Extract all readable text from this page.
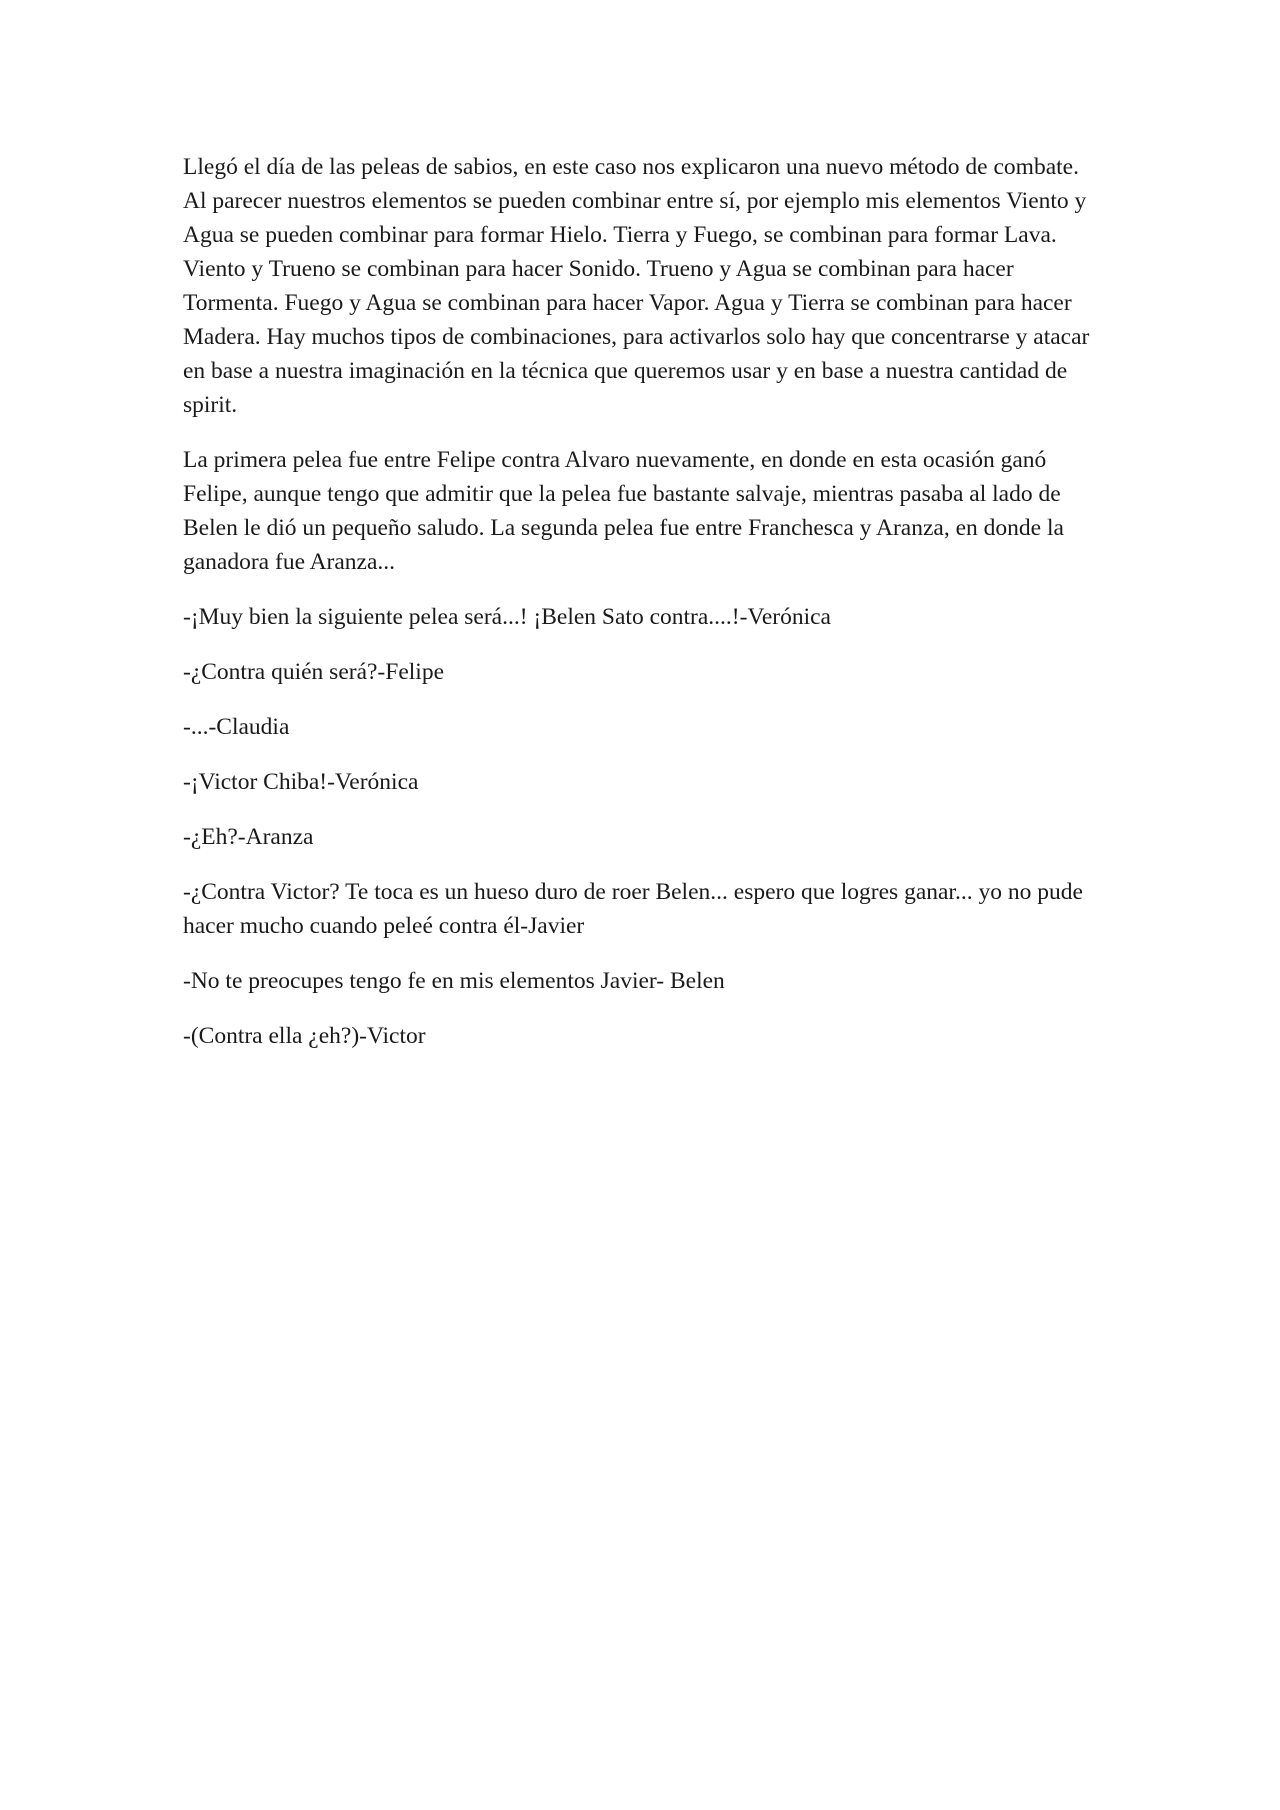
Llegó el día de las peleas de sabios, en este caso nos explicaron una nuevo método de combate. Al parecer nuestros elementos se pueden combinar entre sí, por ejemplo mis elementos Viento y Agua se pueden combinar para formar Hielo. Tierra y Fuego, se combinan para formar Lava. Viento y Trueno se combinan para hacer Sonido. Trueno y Agua se combinan para hacer Tormenta. Fuego y Agua se combinan para hacer Vapor. Agua y Tierra se combinan para hacer Madera. Hay muchos tipos de combinaciones, para activarlos solo hay que concentrarse y atacar en base a nuestra imaginación en la técnica que queremos usar y en base a nuestra cantidad de spirit.

La primera pelea fue entre Felipe contra Alvaro nuevamente, en donde en esta ocasión ganó Felipe, aunque tengo que admitir que la pelea fue bastante salvaje, mientras pasaba al lado de Belen le dió un pequeño saludo. La segunda pelea fue entre Franchesca y Aranza, en donde la ganadora fue Aranza...

-¡Muy bien la siguiente pelea será...! ¡Belen Sato contra....!-Verónica

-¿Contra quién será?-Felipe

-...-Claudia

-¡Victor Chiba!-Verónica

-¿Eh?-Aranza

-¿Contra Victor? Te toca es un hueso duro de roer Belen... espero que logres ganar... yo no pude hacer mucho cuando peleé contra él-Javier

-No te preocupes tengo fe en mis elementos Javier- Belen

-(Contra ella ¿eh?)-Victor
